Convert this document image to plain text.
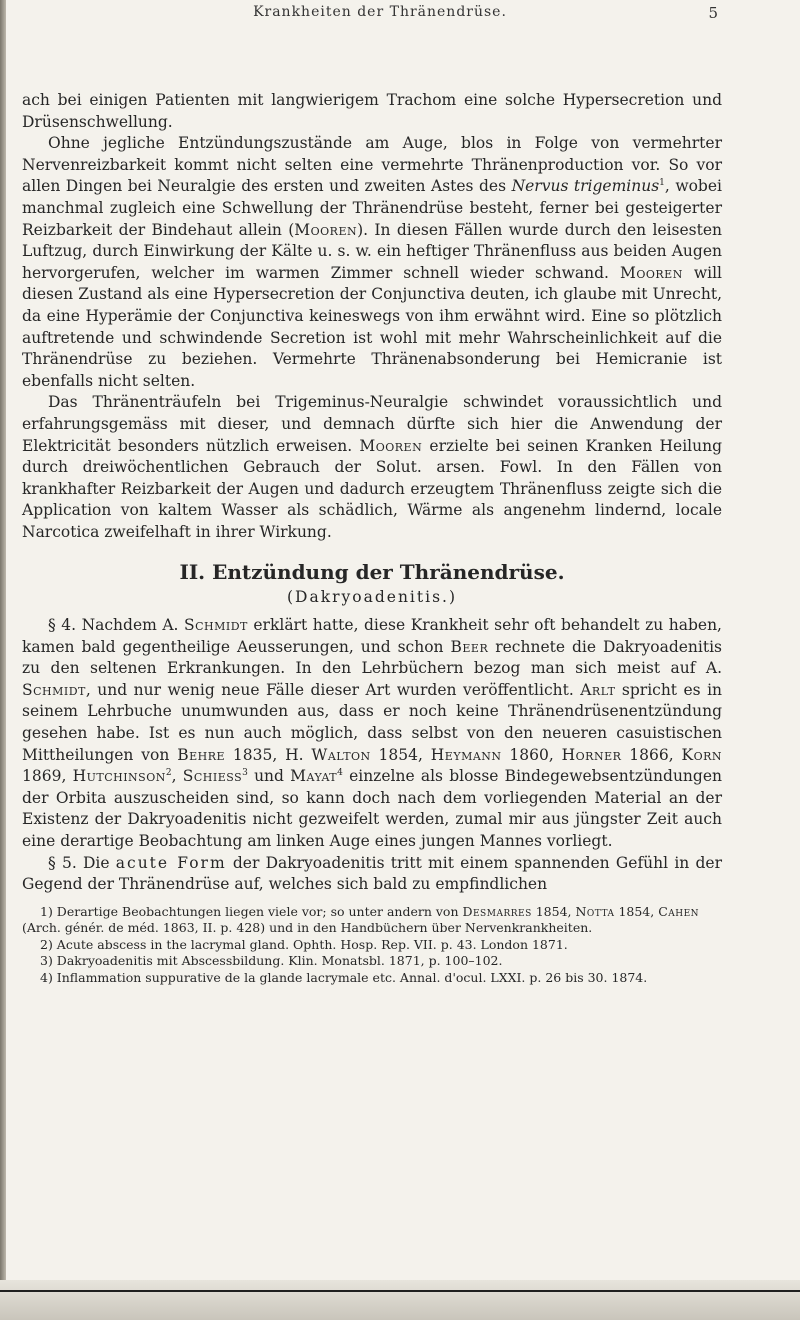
Krankheiten der Thränendrüse.	5

ach bei einigen Patienten mit langwierigem Trachom eine solche Hypersecretion und Drüsenschwellung.

Ohne jegliche Entzündungszustände am Auge, blos in Folge von vermehrter Nervenreizbarkeit kommt nicht selten eine vermehrte Thränenproduction vor. So vor allen Dingen bei Neuralgie des ersten und zweiten Astes des Nervus trigeminus$^1$, wobei manchmal zugleich eine Schwellung der Thränendrüse besteht, ferner bei gesteigerter Reizbarkeit der Bindehaut allein (Mooren). In diesen Fällen wurde durch den leisesten Luftzug, durch Einwirkung der Kälte u. s. w. ein heftiger Thränenfluss aus beiden Augen hervorgerufen, welcher im warmen Zimmer schnell wieder schwand. Mooren will diesen Zustand als eine Hypersecretion der Conjunctiva deuten, ich glaube mit Unrecht, da eine Hyperämie der Conjunctiva keineswegs von ihm erwähnt wird. Eine so plötzlich auftretende und schwindende Secretion ist wohl mit mehr Wahrscheinlichkeit auf die Thränendrüse zu beziehen. Vermehrte Thränenabsonderung bei Hemicranie ist ebenfalls nicht selten.

Das Thränenträufeln bei Trigeminus-Neuralgie schwindet voraussichtlich und erfahrungsgemäss mit dieser, und demnach dürfte sich hier die Anwendung der Elektricität besonders nützlich erweisen. Mooren erzielte bei seinen Kranken Heilung durch dreiwöchentlichen Gebrauch der Solut. arsen. Fowl. In den Fällen von krankhafter Reizbarkeit der Augen und dadurch erzeugtem Thränenfluss zeigte sich die Application von kaltem Wasser als schädlich, Wärme als angenehm lindernd, locale Narcotica zweifelhaft in ihrer Wirkung.

II. Entzündung der Thränendrüse.
(Dakryoadenitis.)

§ 4. Nachdem A. Schmidt erklärt hatte, diese Krankheit sehr oft behandelt zu haben, kamen bald gegentheilige Aeusserungen, und schon Beer rechnete die Dakryoadenitis zu den seltenen Erkrankungen. In den Lehrbüchern bezog man sich meist auf A. Schmidt, und nur wenig neue Fälle dieser Art wurden veröffentlicht. Arlt spricht es in seinem Lehrbuche unumwunden aus, dass er noch keine Thränendrüsenentzündung gesehen habe. Ist es nun auch möglich, dass selbst von den neueren casuistischen Mittheilungen von Behre 1835, H. Walton 1854, Heymann 1860, Horner 1866, Korn 1869, Hutchinson$^2$, Schiess$^3$ und Mayat$^4$ einzelne als blosse Bindegewebsentzündungen der Orbita auszuscheiden sind, so kann doch nach dem vorliegenden Material an der Existenz der Dakryoadenitis nicht gezweifelt werden, zumal mir aus jüngster Zeit auch eine derartige Beobachtung am linken Auge eines jungen Mannes vorliegt.

§ 5. Die acute Form der Dakryoadenitis tritt mit einem spannenden Gefühl in der Gegend der Thränendrüse auf, welches sich bald zu empfindlichen

1) Derartige Beobachtungen liegen viele vor; so unter andern von Desmarres 1854, Notta 1854, Cahen (Arch. génér. de méd. 1863, II. p. 428) und in den Handbüchern über Nervenkrankheiten.

2) Acute abscess in the lacrymal gland. Ophth. Hosp. Rep. VII. p. 43. London 1871.

3) Dakryoadenitis mit Abscessbildung. Klin. Monatsbl. 1871, p. 100–102.

4) Inflammation suppurative de la glande lacrymale etc. Annal. d'ocul. LXXI. p. 26 bis 30. 1874.
